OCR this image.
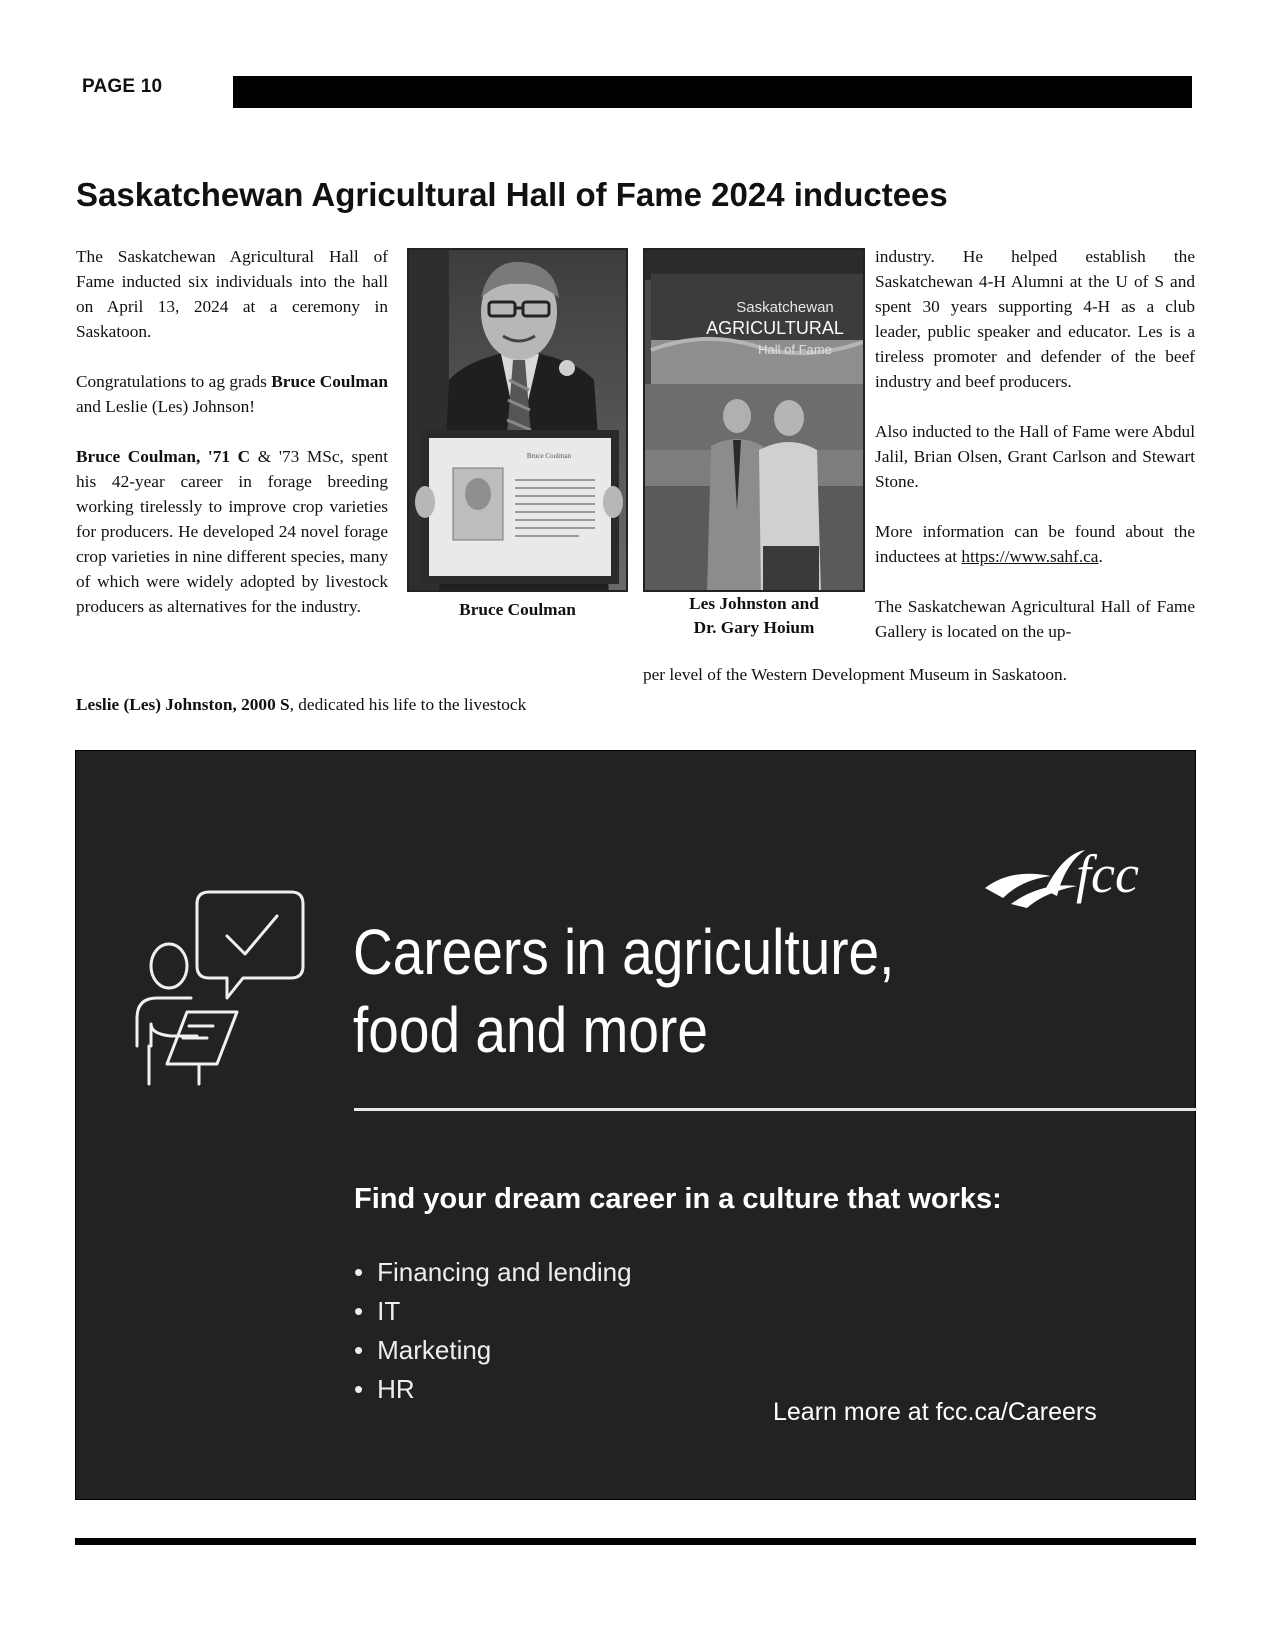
PAGE 10
Saskatchewan Agricultural Hall of Fame 2024 inductees

The Saskatchewan Agricultural Hall of Fame inducted six individuals into the hall on April 13, 2024 at a ceremony in Saskatoon.

Congratulations to ag grads Bruce Coulman and Leslie (Les) Johnson!

Bruce Coulman, '71 C & '73 MSc, spent his 42-year career in forage breeding working tirelessly to improve crop varieties for producers. He developed 24 novel forage crop varieties in nine different species, many of which were widely adopted by livestock producers as alternatives for the industry.

Leslie (Les) Johnston, 2000 S, dedicated his life to the livestock
Bruce Coulman
Bruce Coulman
Saskatchewan
AGRICULTURAL
Hall of Fame
Les Johnston and
Dr. Gary Hoium

industry. He helped establish the Saskatchewan 4-H Alumni at the U of S and spent 30 years supporting 4-H as a club leader, public speaker and educator. Les is a tireless promoter and defender of the beef industry and beef producers.

Also inducted to the Hall of Fame were Abdul Jalil, Brian Olsen, Grant Carlson and Stewart Stone.

More information can be found about the inductees at https://www.sahf.ca.

The Saskatchewan Agricultural Hall of Fame Gallery is located on the up-

per level of the Western Development Museum in Saskatoon.
fcc
Careers in agriculture,
food and more
Find your dream career in a culture that works:
• Financing and lending
• IT
• Marketing
• HR
Learn more at fcc.ca/Careers
